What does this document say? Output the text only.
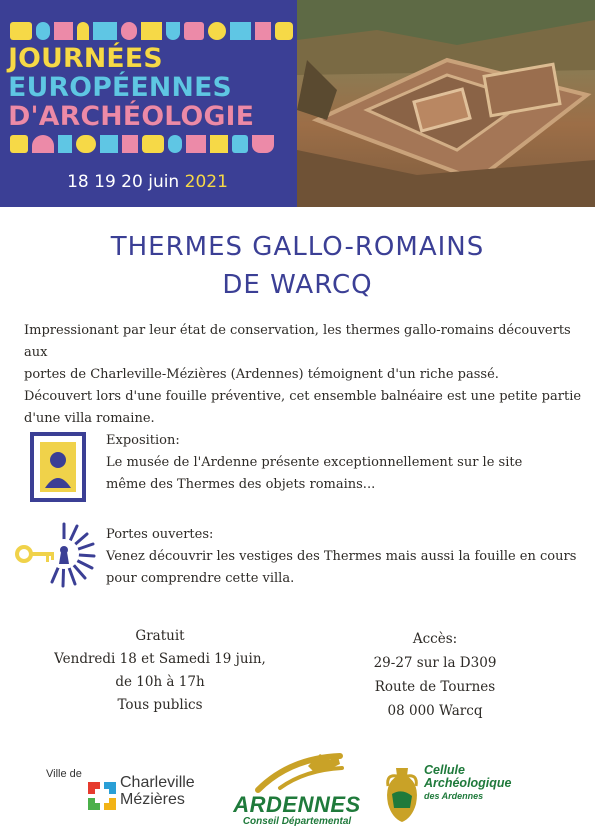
JOURNÉES
EUROPÉENNES
D'ARCHÉOLOGIE
18 19 20 juin 2021
THERMES GALLO-ROMAINS
DE WARCQ
Impressionant par leur état de conservation, les thermes gallo-romains découverts aux
portes de Charleville-Mézières (Ardennes) témoignent d'un riche passé.
Découvert lors d'une fouille préventive, cet ensemble balnéaire est une petite partie
d'une villa romaine.
Exposition:
Le musée de l'Ardenne présente exceptionnellement sur le site
même des Thermes des objets romains...
Portes ouvertes:
Venez découvrir les vestiges des Thermes mais aussi la fouille en cours
pour comprendre cette villa.
Gratuit
Vendredi 18 et Samedi 19 juin,
de 10h à 17h
Tous publics
Accès:
29-27 sur la D309
Route de Tournes
08 000 Warcq
Ville de Charleville
Mézières	ARDENNES
Conseil Départemental
Cellule
Archéologique
des Ardennes
